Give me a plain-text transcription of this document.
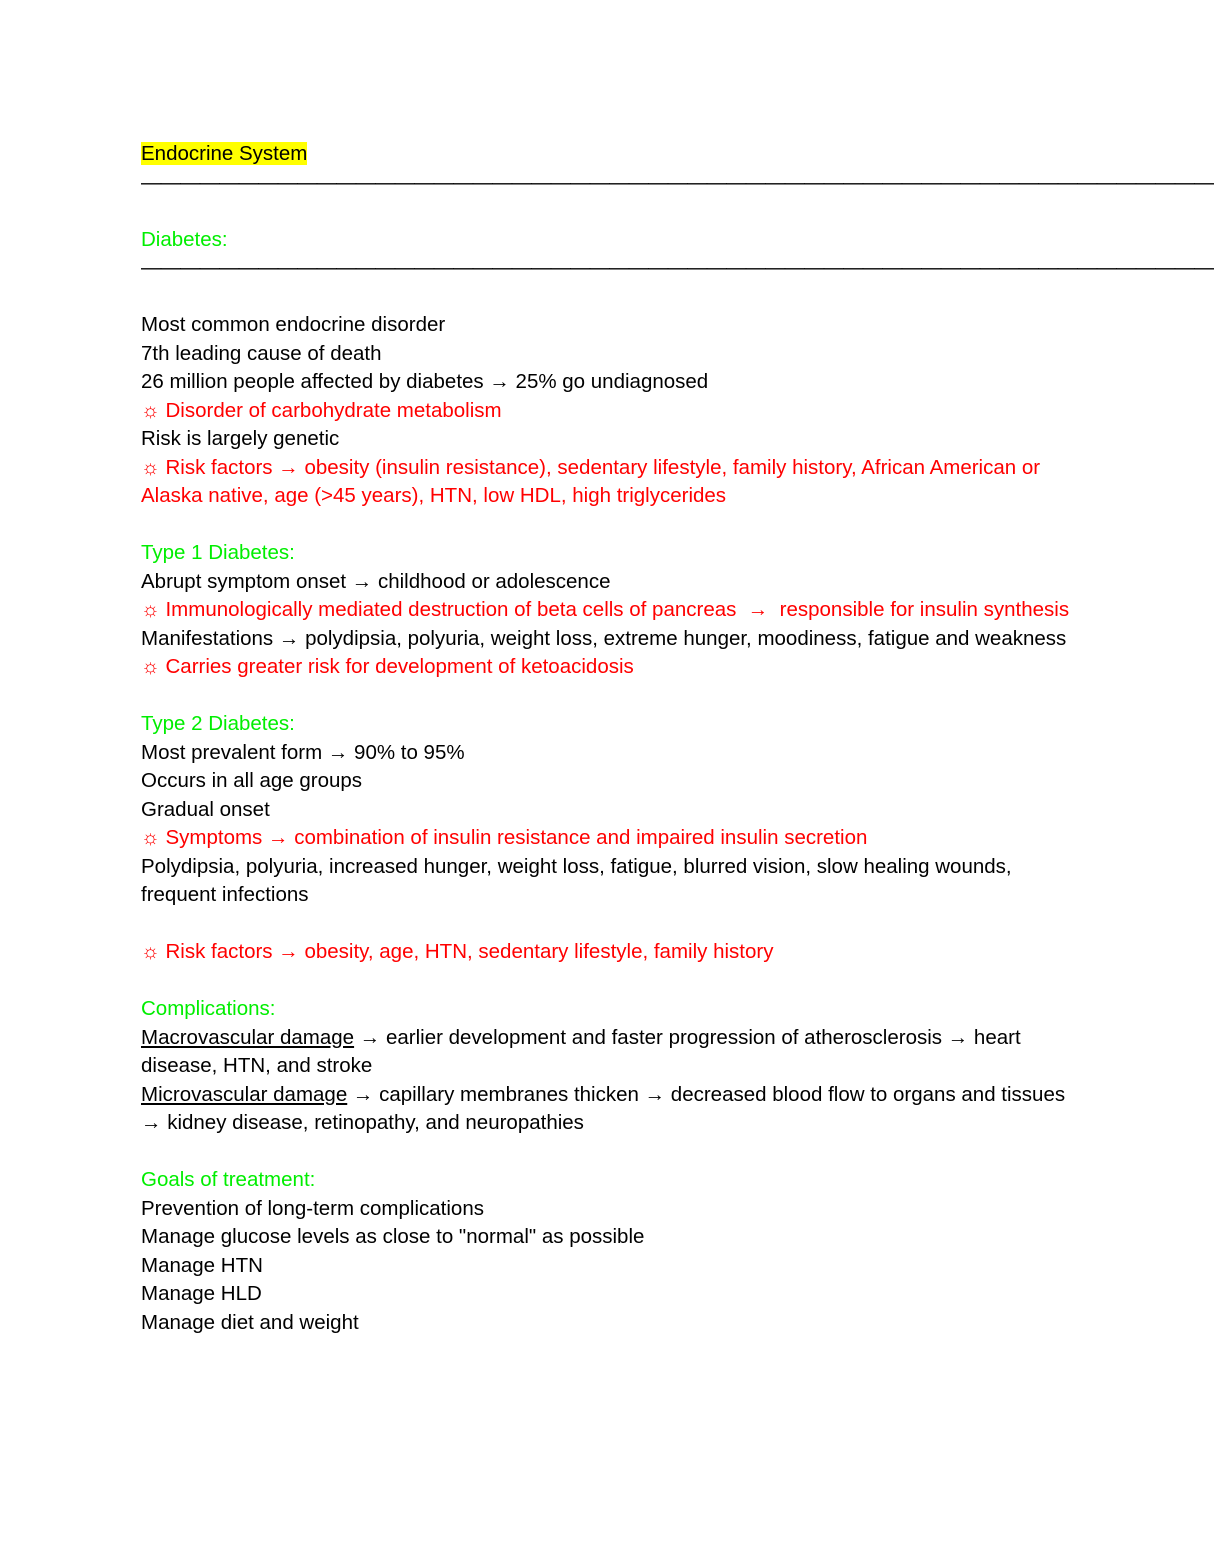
Endocrine System
———————————————————————————————————————————————————————
Diabetes:
———————————————————————————————————————————————————————
Most common endocrine disorder
7th leading cause of death
26 million people affected by diabetes → 25% go undiagnosed
☼ Disorder of carbohydrate metabolism
Risk is largely genetic
☼ Risk factors → obesity (insulin resistance), sedentary lifestyle, family history, African American or Alaska native, age (>45 years), HTN, low HDL, high triglycerides
Type 1 Diabetes:
Abrupt symptom onset → childhood or adolescence
☼ Immunologically mediated destruction of beta cells of pancreas  →  responsible for insulin synthesis
Manifestations → polydipsia, polyuria, weight loss, extreme hunger, moodiness, fatigue and weakness
☼ Carries greater risk for development of ketoacidosis
Type 2 Diabetes:
Most prevalent form → 90% to 95%
Occurs in all age groups
Gradual onset
☼ Symptoms → combination of insulin resistance and impaired insulin secretion
Polydipsia, polyuria, increased hunger, weight loss, fatigue, blurred vision, slow healing wounds, frequent infections
☼ Risk factors → obesity, age, HTN, sedentary lifestyle, family history
Complications:
Macrovascular damage → earlier development and faster progression of atherosclerosis → heart disease, HTN, and stroke
Microvascular damage → capillary membranes thicken → decreased blood flow to organs and tissues → kidney disease, retinopathy, and neuropathies
Goals of treatment:
Prevention of long-term complications
Manage glucose levels as close to "normal" as possible
Manage HTN
Manage HLD
Manage diet and weight
